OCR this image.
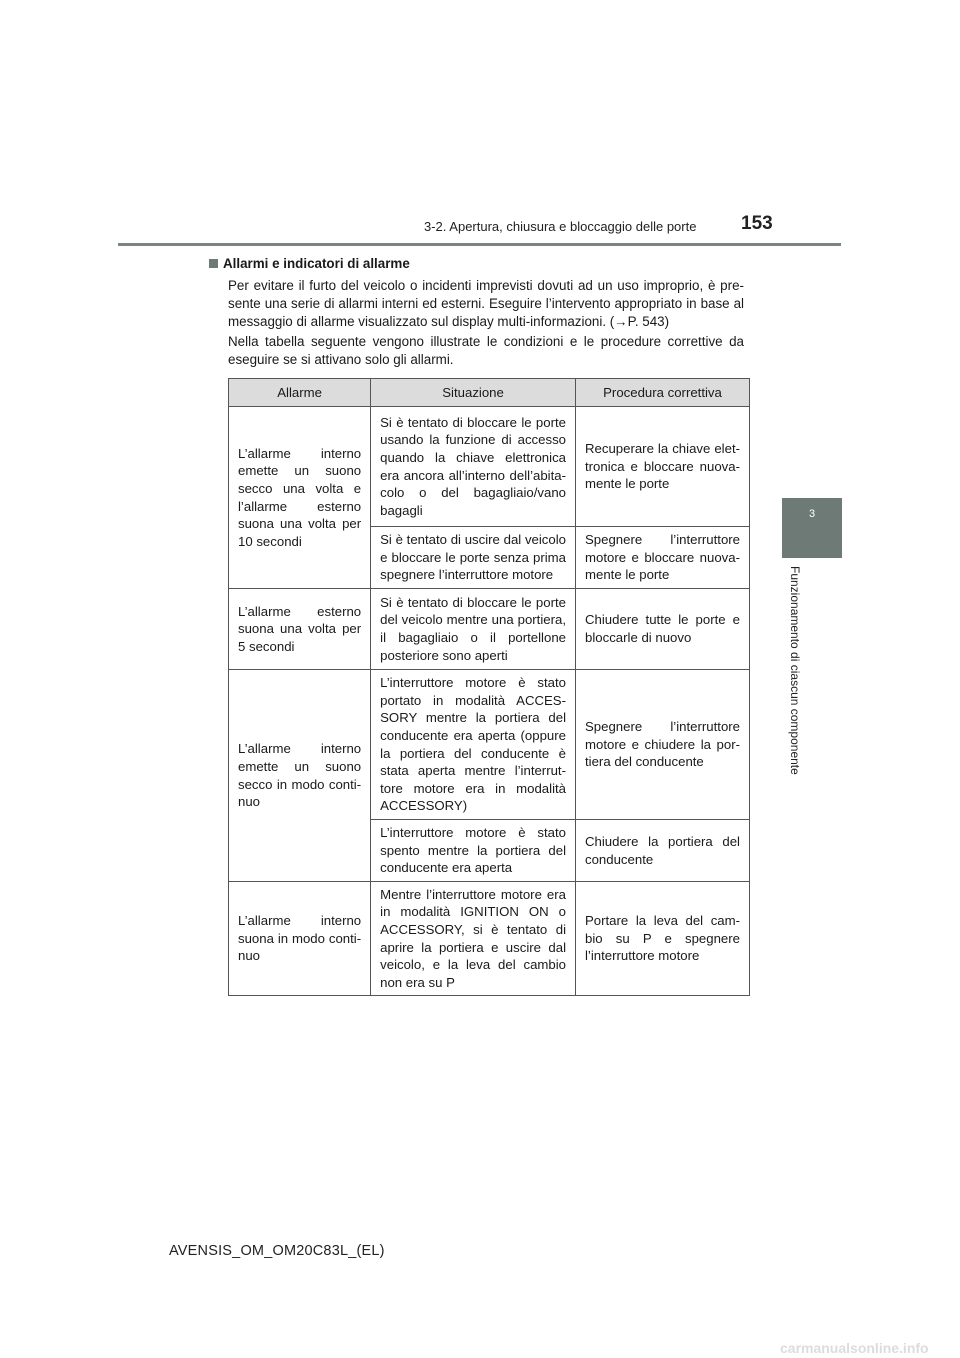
3-2. Apertura, chiusura e bloccaggio delle porte 153
3
Funzionamento di ciascun componente
Allarmi e indicatori di allarme
Per evitare il furto del veicolo o incidenti imprevisti dovuti ad un uso improprio, è pre- sente una serie di allarmi interni ed esterni. Eseguire l’intervento appropriato in base al messaggio di allarme visualizzato sul display multi-informazioni. (→P. 543)
Nella tabella seguente vengono illustrate le condizioni e le procedure correttive da eseguire se si attivano solo gli allarmi.
Allarme	Situazione	Procedura correttiva
L’allarme interno emette un suono secco una volta e l’allarme esterno suona una volta per 10 secondi	Si è tentato di bloccare le porte usando la funzione di accesso quando la chiave elettronica era ancora all’interno dell’abita- colo o del bagagliaio/vano bagagli	Recuperare la chiave elet- tronica e bloccare nuova- mente le porte
	Si è tentato di uscire dal veicolo e bloccare le porte senza prima spegnere l’interruttore motore	Spegnere l’interruttore motore e bloccare nuova- mente le porte
L’allarme esterno suona una volta per 5 secondi	Si è tentato di bloccare le porte del veicolo mentre una portiera, il bagagliaio o il portellone posteriore sono aperti	Chiudere tutte le porte e bloccarle di nuovo
L’allarme interno emette un suono secco in modo conti- nuo	L’interruttore motore è stato portato in modalità ACCES- SORY mentre la portiera del conducente era aperta (oppure la portiera del conducente è stata aperta mentre l’interrut- tore motore era in modalità ACCESSORY)	Spegnere l’interruttore motore e chiudere la por- tiera del conducente
	L’interruttore motore è stato spento mentre la portiera del conducente era aperta	Chiudere la portiera del conducente
L’allarme interno suona in modo conti- nuo	Mentre l’interruttore motore era in modalità IGNITION ON o ACCESSORY, si è tentato di aprire la portiera e uscire dal veicolo, e la leva del cambio non era su P	Portare la leva del cam- bio su P e spegnere l’interruttore motore
AVENSIS_OM_OM20C83L_(EL)
carmanualsonline.info
